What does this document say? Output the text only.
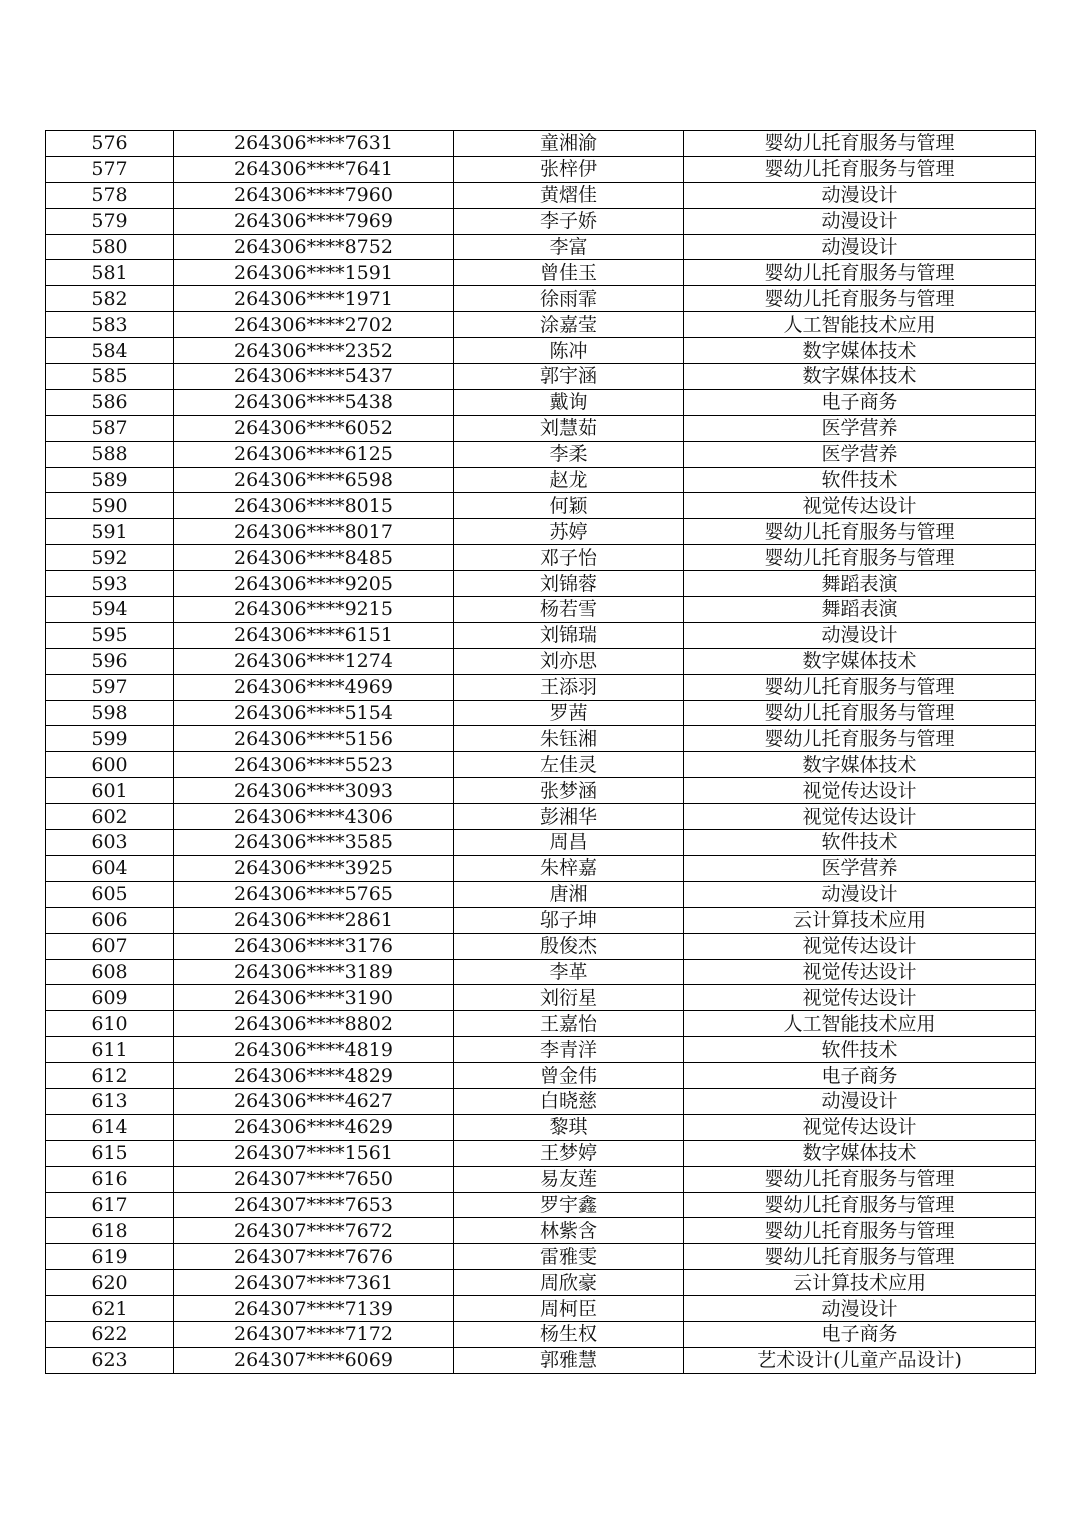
576	264306****7631	童湘渝	婴幼儿托育服务与管理
577	264306****7641	张梓伊	婴幼儿托育服务与管理
578	264306****7960	黄熠佳	动漫设计
579	264306****7969	李子娇	动漫设计
580	264306****8752	李富	动漫设计
581	264306****1591	曾佳玉	婴幼儿托育服务与管理
582	264306****1971	徐雨霏	婴幼儿托育服务与管理
583	264306****2702	涂嘉莹	人工智能技术应用
584	264306****2352	陈冲	数字媒体技术
585	264306****5437	郭宇涵	数字媒体技术
586	264306****5438	戴询	电子商务
587	264306****6052	刘慧茹	医学营养
588	264306****6125	李柔	医学营养
589	264306****6598	赵龙	软件技术
590	264306****8015	何颖	视觉传达设计
591	264306****8017	苏婷	婴幼儿托育服务与管理
592	264306****8485	邓子怡	婴幼儿托育服务与管理
593	264306****9205	刘锦蓉	舞蹈表演
594	264306****9215	杨若雪	舞蹈表演
595	264306****6151	刘锦瑞	动漫设计
596	264306****1274	刘亦思	数字媒体技术
597	264306****4969	王添羽	婴幼儿托育服务与管理
598	264306****5154	罗茜	婴幼儿托育服务与管理
599	264306****5156	朱钰湘	婴幼儿托育服务与管理
600	264306****5523	左佳灵	数字媒体技术
601	264306****3093	张梦涵	视觉传达设计
602	264306****4306	彭湘华	视觉传达设计
603	264306****3585	周昌	软件技术
604	264306****3925	朱梓嘉	医学营养
605	264306****5765	唐湘	动漫设计
606	264306****2861	邬子坤	云计算技术应用
607	264306****3176	殷俊杰	视觉传达设计
608	264306****3189	李革	视觉传达设计
609	264306****3190	刘衍星	视觉传达设计
610	264306****8802	王嘉怡	人工智能技术应用
611	264306****4819	李青洋	软件技术
612	264306****4829	曾金伟	电子商务
613	264306****4627	白晓慈	动漫设计
614	264306****4629	黎琪	视觉传达设计
615	264307****1561	王梦婷	数字媒体技术
616	264307****7650	易友莲	婴幼儿托育服务与管理
617	264307****7653	罗宇鑫	婴幼儿托育服务与管理
618	264307****7672	林紫含	婴幼儿托育服务与管理
619	264307****7676	雷雅雯	婴幼儿托育服务与管理
620	264307****7361	周欣豪	云计算技术应用
621	264307****7139	周柯臣	动漫设计
622	264307****7172	杨生权	电子商务
623	264307****6069	郭雅慧	艺术设计(儿童产品设计)
